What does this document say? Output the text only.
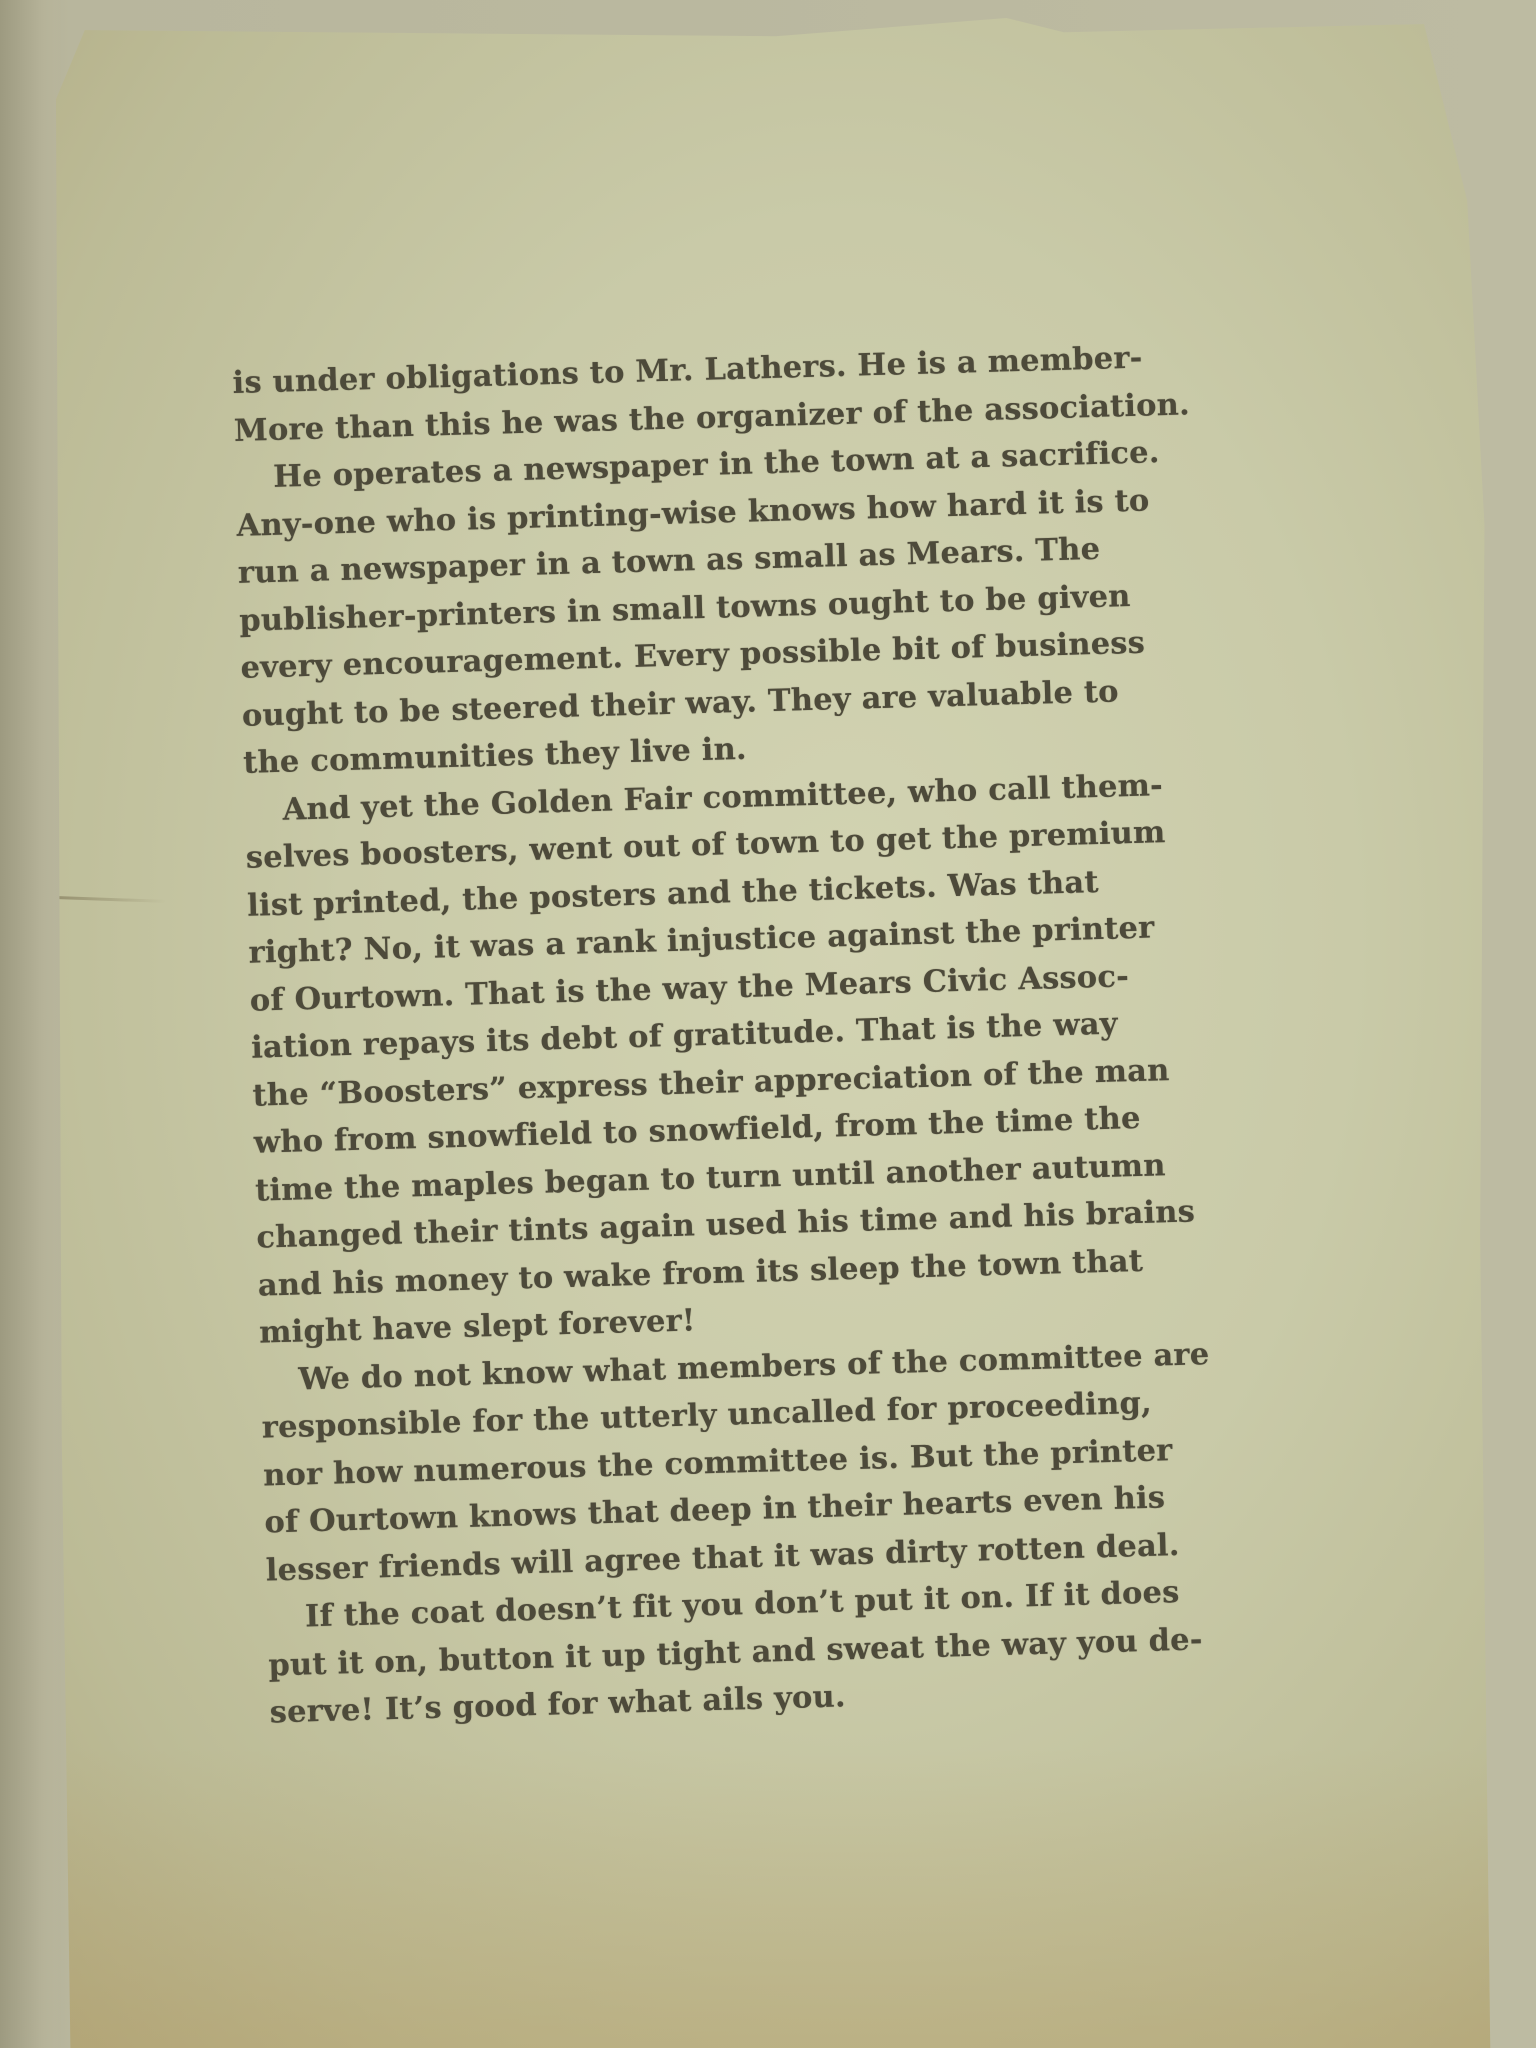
is under obligations to Mr. Lathers. He is a member-
More than this he was the organizer of the association.
He operates a newspaper in the town at a sacrifice.
Any-one who is printing-wise knows how hard it is to
run a newspaper in a town as small as Mears. The
publisher-printers in small towns ought to be given
every encouragement. Every possible bit of business
ought to be steered their way. They are valuable to
the communities they live in.
And yet the Golden Fair committee, who call them-
selves boosters, went out of town to get the premium
list printed, the posters and the tickets. Was that
right? No, it was a rank injustice against the printer
of Ourtown. That is the way the Mears Civic Assoc-
iation repays its debt of gratitude. That is the way
the “Boosters” express their appreciation of the man
who from snowfield to snowfield, from the time the
time the maples began to turn until another autumn
changed their tints again used his time and his brains
and his money to wake from its sleep the town that
might have slept forever!
We do not know what members of the committee are
responsible for the utterly uncalled for proceeding,
nor how numerous the committee is. But the printer
of Ourtown knows that deep in their hearts even his
lesser friends will agree that it was dirty rotten deal.
If the coat doesn’t fit you don’t put it on. If it does
put it on, button it up tight and sweat the way you de-
serve! It’s good for what ails you.
